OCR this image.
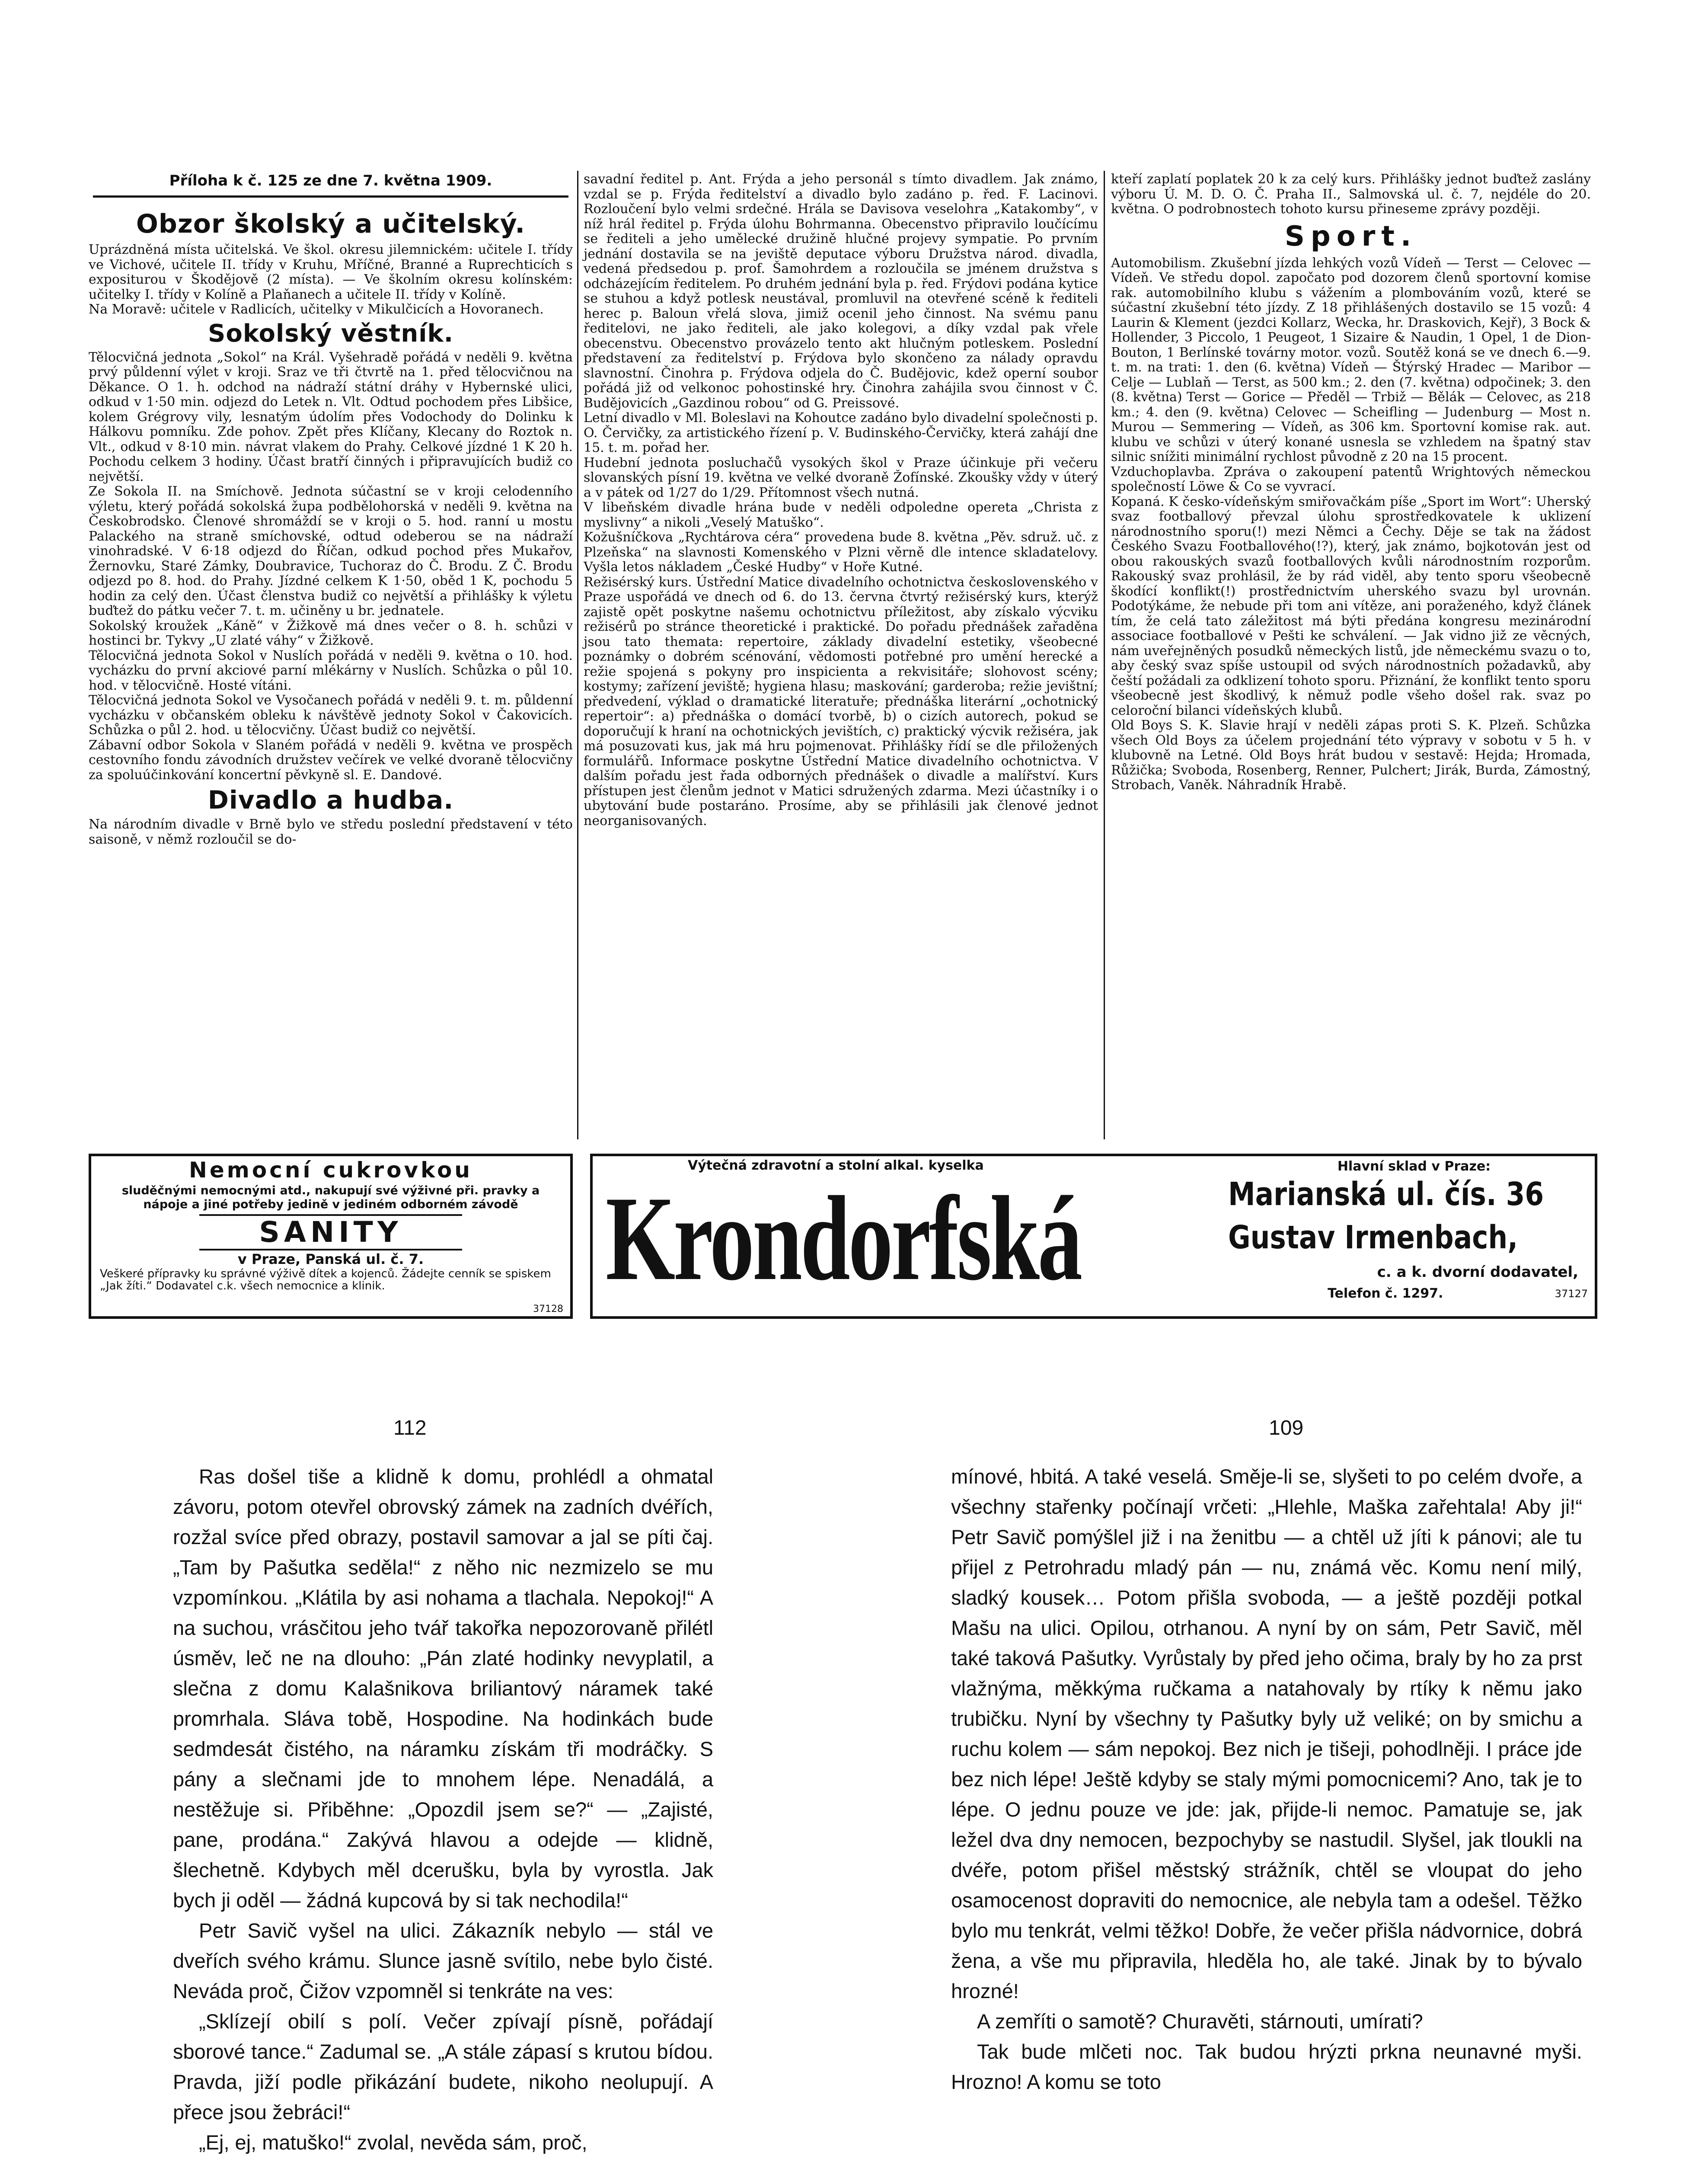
Příloha k č. 125 ze dne 7. května 1909.
Obzor školský a učitelský.

Uprázdněná místa učitelská. Ve škol. okresu jilemnickém: učitele I. třídy ve Vichové, učitele II. třídy v Kruhu, Mříčné, Branné a Ruprechticích s expositurou v Škodějově (2 místa). — Ve školním okresu kolínském: učitelky I. třídy v Kolíně a Plaňanech a učitele II. třídy v Kolíně.

Na Moravě: učitele v Radlicích, učitelky v Mikulčicích a Hovoranech.

Sokolský věstník.

Tělocvičná jednota „Sokol“ na Král. Vyšehradě pořádá v neděli 9. května prvý půldenní výlet v kroji. Sraz ve tři čtvrtě na 1. před tělocvičnou na Děkance. O 1. h. odchod na nádraží státní dráhy v Hybernské ulici, odkud v 1·50 min. odjezd do Letek n. Vlt. Odtud pochodem přes Libšice, kolem Grégrovy vily, lesnatým údolím přes Vodochody do Dolinku k Hálkovu pomníku. Zde pohov. Zpět přes Klíčany, Klecany do Roztok n. Vlt., odkud v 8·10 min. návrat vlakem do Prahy. Celkové jízdné 1 K 20 h. Pochodu celkem 3 hodiny. Účast bratří činných i připravujících budiž co největší.

Ze Sokola II. na Smíchově. Jednota súčastní se v kroji celodenního výletu, který pořádá sokolská župa podbělohorská v neděli 9. května na Českobrodsko. Členové shromáždí se v kroji o 5. hod. ranní u mostu Palackého na straně smíchovské, odtud odeberou se na nádraží vinohradské. V 6·18 odjezd do Říčan, odkud pochod přes Mukařov, Žernovku, Staré Zámky, Doubravice, Tuchoraz do Č. Brodu. Z Č. Brodu odjezd po 8. hod. do Prahy. Jízdné celkem K 1·50, oběd 1 K, pochodu 5 hodin za celý den. Účast členstva budiž co největší a přihlášky k výletu buďtež do pátku večer 7. t. m. učiněny u br. jednatele.

Sokolský kroužek „Káně“ v Žižkově má dnes večer o 8. h. schůzi v hostinci br. Tykvy „U zlaté váhy“ v Žižkově.

Tělocvičná jednota Sokol v Nuslích pořádá v neděli 9. května o 10. hod. vycházku do první akciové parní mlékárny v Nuslích. Schůzka o půl 10. hod. v tělocvičně. Hosté vítáni.

Tělocvičná jednota Sokol ve Vysočanech pořádá v neděli 9. t. m. půldenní vycházku v občanském obleku k návštěvě jednoty Sokol v Čakovicích. Schůzka o půl 2. hod. u tělocvičny. Účast budiž co největší.

Zábavní odbor Sokola v Slaném pořádá v neděli 9. května ve prospěch cestovního fondu závodních družstev večírek ve velké dvoraně tělocvičny za spoluúčinkování koncertní pěvkyně sl. E. Dandové.

Divadlo a hudba.

Na národním divadle v Brně bylo ve středu poslední představení v této saisoně, v němž rozloučil se do-

savadní ředitel p. Ant. Frýda a jeho personál s tímto divadlem. Jak známo, vzdal se p. Frýda ředitelství a divadlo bylo zadáno p. řed. F. Lacinovi. Rozloučení bylo velmi srdečné. Hrála se Davisova veselohra „Katakomby“, v níž hrál ředitel p. Frýda úlohu Bohrmanna. Obecenstvo připravilo loučícímu se řediteli a jeho umělecké družině hlučné projevy sympatie. Po prvním jednání dostavila se na jeviště deputace výboru Družstva národ. divadla, vedená předsedou p. prof. Šamohrdem a rozloučila se jménem družstva s odcházejícím ředitelem. Po druhém jednání byla p. řed. Frýdovi podána kytice se stuhou a když potlesk neustával, promluvil na otevřené scéně k řediteli herec p. Baloun vřelá slova, jimiž ocenil jeho činnost. Na svému panu ředitelovi, ne jako řediteli, ale jako kolegovi, a díky vzdal pak vřele obecenstvu. Obecenstvo provázelo tento akt hlučným potleskem. Poslední představení za ředitelství p. Frýdova bylo skončeno za nálady opravdu slavnostní. Činohra p. Frýdova odjela do Č. Budějovic, kdež operní soubor pořádá již od velkonoc pohostinské hry. Činohra zahájila svou činnost v Č. Budějovicích „Gazdinou robou“ od G. Preissové.

Letní divadlo v Ml. Boleslavi na Kohoutce zadáno bylo divadelní společnosti p. O. Červičky, za artistického řízení p. V. Budinského-Červičky, která zahájí dne 15. t. m. pořad her.

Hudební jednota posluchačů vysokých škol v Praze účinkuje při večeru slovanských písní 19. května ve velké dvoraně Žofínské. Zkoušky vždy v úterý a v pátek od 1/27 do 1/29. Přítomnost všech nutná.

V libeňském divadle hrána bude v neděli odpoledne opereta „Christa z myslivny“ a nikoli „Veselý Matuško“.

Kožušníčkova „Rychtárova céra“ provedena bude 8. května „Pěv. sdruž. uč. z Plzeňska“ na slavnosti Komenského v Plzni věrně dle intence skladatelovy. Vyšla letos nákladem „České Hudby“ v Hoře Kutné.

Režisérský kurs. Ústřední Matice divadelního ochotnictva československého v Praze uspořádá ve dnech od 6. do 13. června čtvrtý režisérský kurs, kterýž zajistě opět poskytne našemu ochotnictvu příležitost, aby získalo výcviku režisérů po stránce theoretické i praktické. Do pořadu přednášek zařaděna jsou tato themata: repertoire, základy divadelní estetiky, všeobecné poznámky o dobrém scénování, vědomosti potřebné pro umění herecké a režie spojená s pokyny pro inspicienta a rekvisitáře; slohovost scény; kostymy; zařízení jeviště; hygiena hlasu; maskování; garderoba; režie jevištní; předvedení, výklad o dramatické literatuře; přednáška literární „ochotnický repertoir“: a) přednáška o domácí tvorbě, b) o cizích autorech, pokud se doporučují k hraní na ochotnických jevištích, c) praktický výcvik režiséra, jak má posuzovati kus, jak má hru pojmenovat. Přihlášky řídí se dle přiložených formulářů. Informace poskytne Ústřední Matice divadelního ochotnictva. V dalším pořadu jest řada odborných přednášek o divadle a malířství. Kurs přístupen jest členům jednot v Matici sdružených zdarma. Mezi účastníky i o ubytování bude postaráno. Prosíme, aby se přihlásili jak členové jednot neorganisovaných.

kteří zaplatí poplatek 20 k za celý kurs. Přihlášky jednot buďtež zaslány výboru Ú. M. D. O. Č. Praha II., Salmovská ul. č. 7, nejdéle do 20. května. O podrobnostech tohoto kursu přineseme zprávy později.

Sport.

Automobilism. Zkušební jízda lehkých vozů Vídeň — Terst — Celovec — Vídeň. Ve středu dopol. započato pod dozorem členů sportovní komise rak. automobilního klubu s vážením a plombováním vozů, které se súčastní zkušební této jízdy. Z 18 přihlášených dostavilo se 15 vozů: 4 Laurin & Klement (jezdci Kollarz, Wecka, hr. Draskovich, Kejř), 3 Bock & Hollender, 3 Piccolo, 1 Peugeot, 1 Sizaire & Naudin, 1 Opel, 1 de Dion-Bouton, 1 Berlínské továrny motor. vozů. Soutěž koná se ve dnech 6.—9. t. m. na trati: 1. den (6. května) Vídeň — Štýrský Hradec — Maribor — Celje — Lublaň — Terst, as 500 km.; 2. den (7. května) odpočinek; 3. den (8. května) Terst — Gorice — Předěl — Trbiž — Bělák — Celovec, as 218 km.; 4. den (9. května) Celovec — Scheifling — Judenburg — Most n. Murou — Semmering — Vídeň, as 306 km. Sportovní komise rak. aut. klubu ve schůzi v úterý konané usnesla se vzhledem na špatný stav silnic snížiti minimální rychlost původně z 20 na 15 procent.

Vzduchoplavba. Zpráva o zakoupení patentů Wrightových německou společností Löwe & Co se vyvrací.

Kopaná. K česko-vídeňským smiřovačkám píše „Sport im Wort“: Uherský svaz footballový převzal úlohu sprostředkovatele k uklizení národnostního sporu(!) mezi Němci a Čechy. Děje se tak na žádost Českého Svazu Footballového(!?), který, jak známo, bojkotován jest od obou rakouských svazů footballových kvůli národnostním rozporům. Rakouský svaz prohlásil, že by rád viděl, aby tento sporu všeobecně škodící konflikt(!) prostřednictvím uherského svazu byl urovnán. Podotýkáme, že nebude při tom ani vítěze, ani poraženého, když článek tím, že celá tato záležitost má býti předána kongresu mezinárodní associace footballové v Pešti ke schválení. — Jak vidno již ze věcných, nám uveřejněných posudků německých listů, jde německému svazu o to, aby český svaz spíše ustoupil od svých národnostních požadavků, aby čeští požádali za odklizení tohoto sporu. Přiznání, že konflikt tento sporu všeobecně jest škodlivý, k němuž podle všeho došel rak. svaz po celoroční bilanci vídeňských klubů.

Old Boys S. K. Slavie hrají v neděli zápas proti S. K. Plzeň. Schůzka všech Old Boys za účelem projednání této výpravy v sobotu v 5 h. v klubovně na Letné. Old Boys hrát budou v sestavě: Hejda; Hromada, Růžička; Svoboda, Rosenberg, Renner, Pulchert; Jirák, Burda, Zámostný, Strobach, Vaněk. Náhradník Hrabě.

Nemocní cukrovkou
sluděčnými nemocnými atd., nakupují své výživné při. pravky a nápoje a jiné potřeby jedině v jediném odborném závodě
SANITY
v Praze, Panská ul. č. 7.
Veškeré přípravky ku správné výživě dítek a kojenců. Žádejte cenník se spiskem „Jak žíti.“ Dodavatel c.k. všech nemocnice a klinik.
37128
Výtečná zdravotní a stolní alkal. kyselka
Krondorfská
Hlavní sklad v Praze:
Marianská ul. čís. 36
Gustav Irmenbach,
c. a k. dvorní dodavatel,
Telefon č. 1297.	37127
112	109

Ras došel tiše a klidně k domu, prohlédl a ohmatal závoru, potom otevřel obrovský zámek na zadních dvéřích, rozžal svíce před obrazy, postavil samovar a jal se píti čaj. „Tam by Pašutka seděla!“ z něho nic nezmizelo se mu vzpomínkou. „Klátila by asi nohama a tlachala. Nepokoj!“ A na suchou, vrásčitou jeho tvář takořka nepozorovaně přilétl úsměv, leč ne na dlouho: „Pán zlaté hodinky nevyplatil, a slečna z domu Kalašnikova briliantový náramek také promrhala. Sláva tobě, Hospodine. Na hodinkách bude sedmdesát čistého, na náramku získám tři modráčky. S pány a slečnami jde to mnohem lépe. Nenadálá, a nestěžuje si. Přiběhne: „Opozdil jsem se?“ — „Zajisté, pane, prodána.“ Zakývá hlavou a odejde — klidně, šlechetně. Kdybych měl dcerušku, byla by vyrostla. Jak bych ji oděl — žádná kupcová by si tak nechodila!“

Petr Savič vyšel na ulici. Zákazník nebylo — stál ve dveřích svého krámu. Slunce jasně svítilo, nebe bylo čisté. Neváda proč, Čižov vzpomněl si tenkráte na ves:

„Sklízejí obilí s polí. Večer zpívají písně, pořádají sborové tance.“ Zadumal se. „A stále zápasí s krutou bídou. Pravda, jiží podle přikázání budete, nikoho neolupují. A přece jsou žebráci!“

„Ej, ej, matuško!“ zvolal, nevěda sám, proč,

mínové, hbitá. A také veselá. Směje-li se, slyšeti to po celém dvoře, a všechny stařenky počínají vrčeti: „Hlehle, Maška zařehtala! Aby ji!“ Petr Savič pomýšlel již i na ženitbu — a chtěl už jíti k pánovi; ale tu přijel z Petrohradu mladý pán — nu, známá věc. Komu není milý, sladký kousek… Potom přišla svoboda, — a ještě později potkal Mašu na ulici. Opilou, otrhanou. A nyní by on sám, Petr Savič, měl také taková Pašutky. Vyrůstaly by před jeho očima, braly by ho za prst vlažnýma, měkkýma ručkama a natahovaly by rtíky k němu jako trubičku. Nyní by všechny ty Pašutky byly už veliké; on by smichu a ruchu kolem — sám nepokoj. Bez nich je tišeji, pohodlněji. I práce jde bez nich lépe! Ještě kdyby se staly mými pomocnicemi? Ano, tak je to lépe. O jednu pouze ve jde: jak, přijde-li nemoc. Pamatuje se, jak ležel dva dny nemocen, bezpochyby se nastudil. Slyšel, jak tloukli na dvéře, potom přišel městský strážník, chtěl se vloupat do jeho osamocenost dopraviti do nemocnice, ale nebyla tam a odešel. Těžko bylo mu tenkrát, velmi těžko! Dobře, že večer přišla nádvornice, dobrá žena, a vše mu připravila, hleděla ho, ale také. Jinak by to bývalo hrozné!

A zemříti o samotě? Churavěti, stárnouti, umírati?

Tak bude mlčeti noc. Tak budou hrýzti prkna neunavné myši. Hrozno! A komu se toto
